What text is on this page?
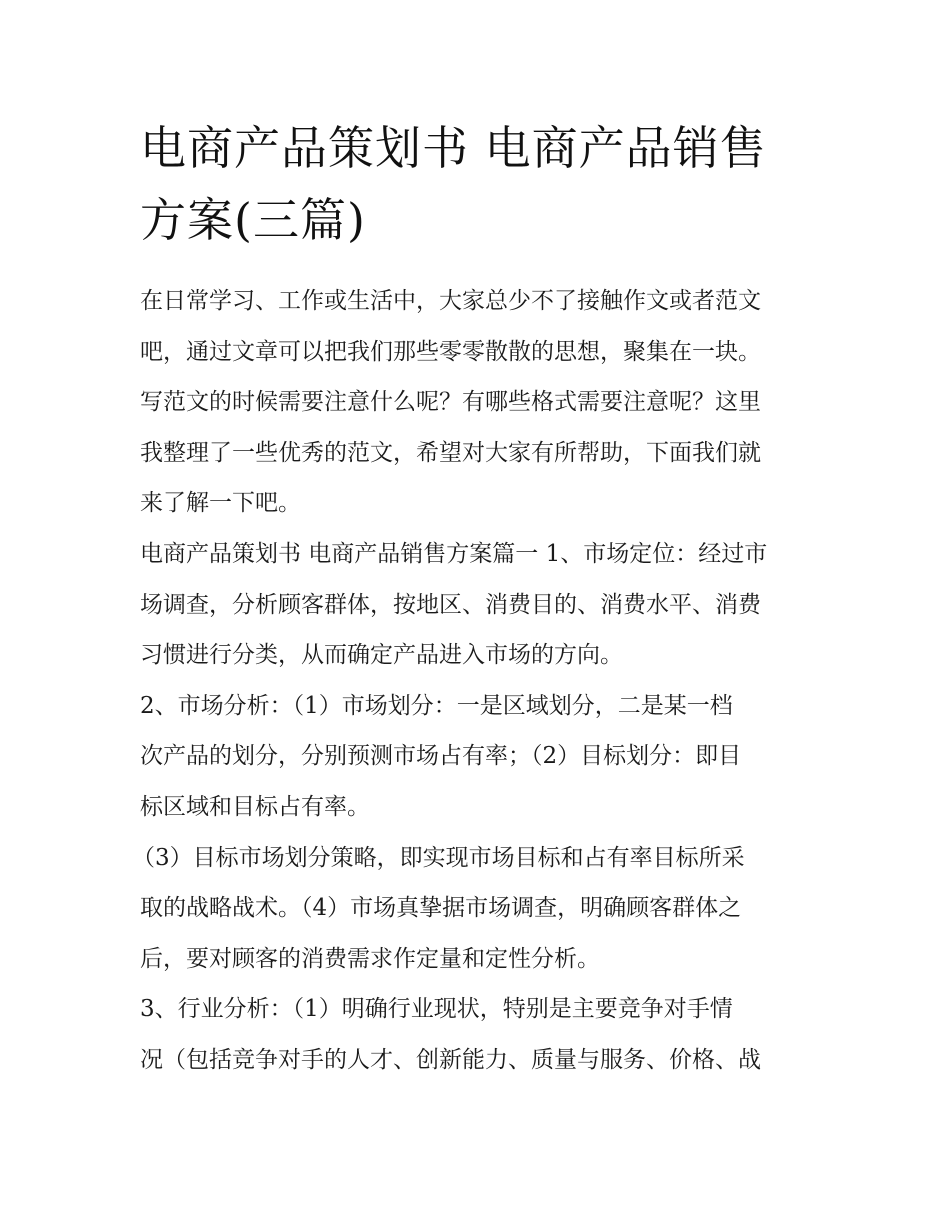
电商产品策划书 电商产品销售
方案(三篇)
在日常学习、工作或生活中，大家总少不了接触作文或者范文
吧，通过文章可以把我们那些零零散散的思想，聚集在一块。
写范文的时候需要注意什么呢？有哪些格式需要注意呢？这里
我整理了一些优秀的范文，希望对大家有所帮助，下面我们就
来了解一下吧。
电商产品策划书 电商产品销售方案篇一 1、市场定位：经过市
场调查，分析顾客群体，按地区、消费目的、消费水平、消费
习惯进行分类，从而确定产品进入市场的方向。
2、市场分析：（1）市场划分：一是区域划分，二是某一档
次产品的划分，分别预测市场占有率；（2）目标划分：即目
标区域和目标占有率。
（3）目标市场划分策略，即实现市场目标和占有率目标所采
取的战略战术。（4）市场真挚据市场调查，明确顾客群体之
后，要对顾客的消费需求作定量和定性分析。
3、行业分析：（1）明确行业现状，特别是主要竞争对手情
况（包括竞争对手的人才、创新能力、质量与服务、价格、战
